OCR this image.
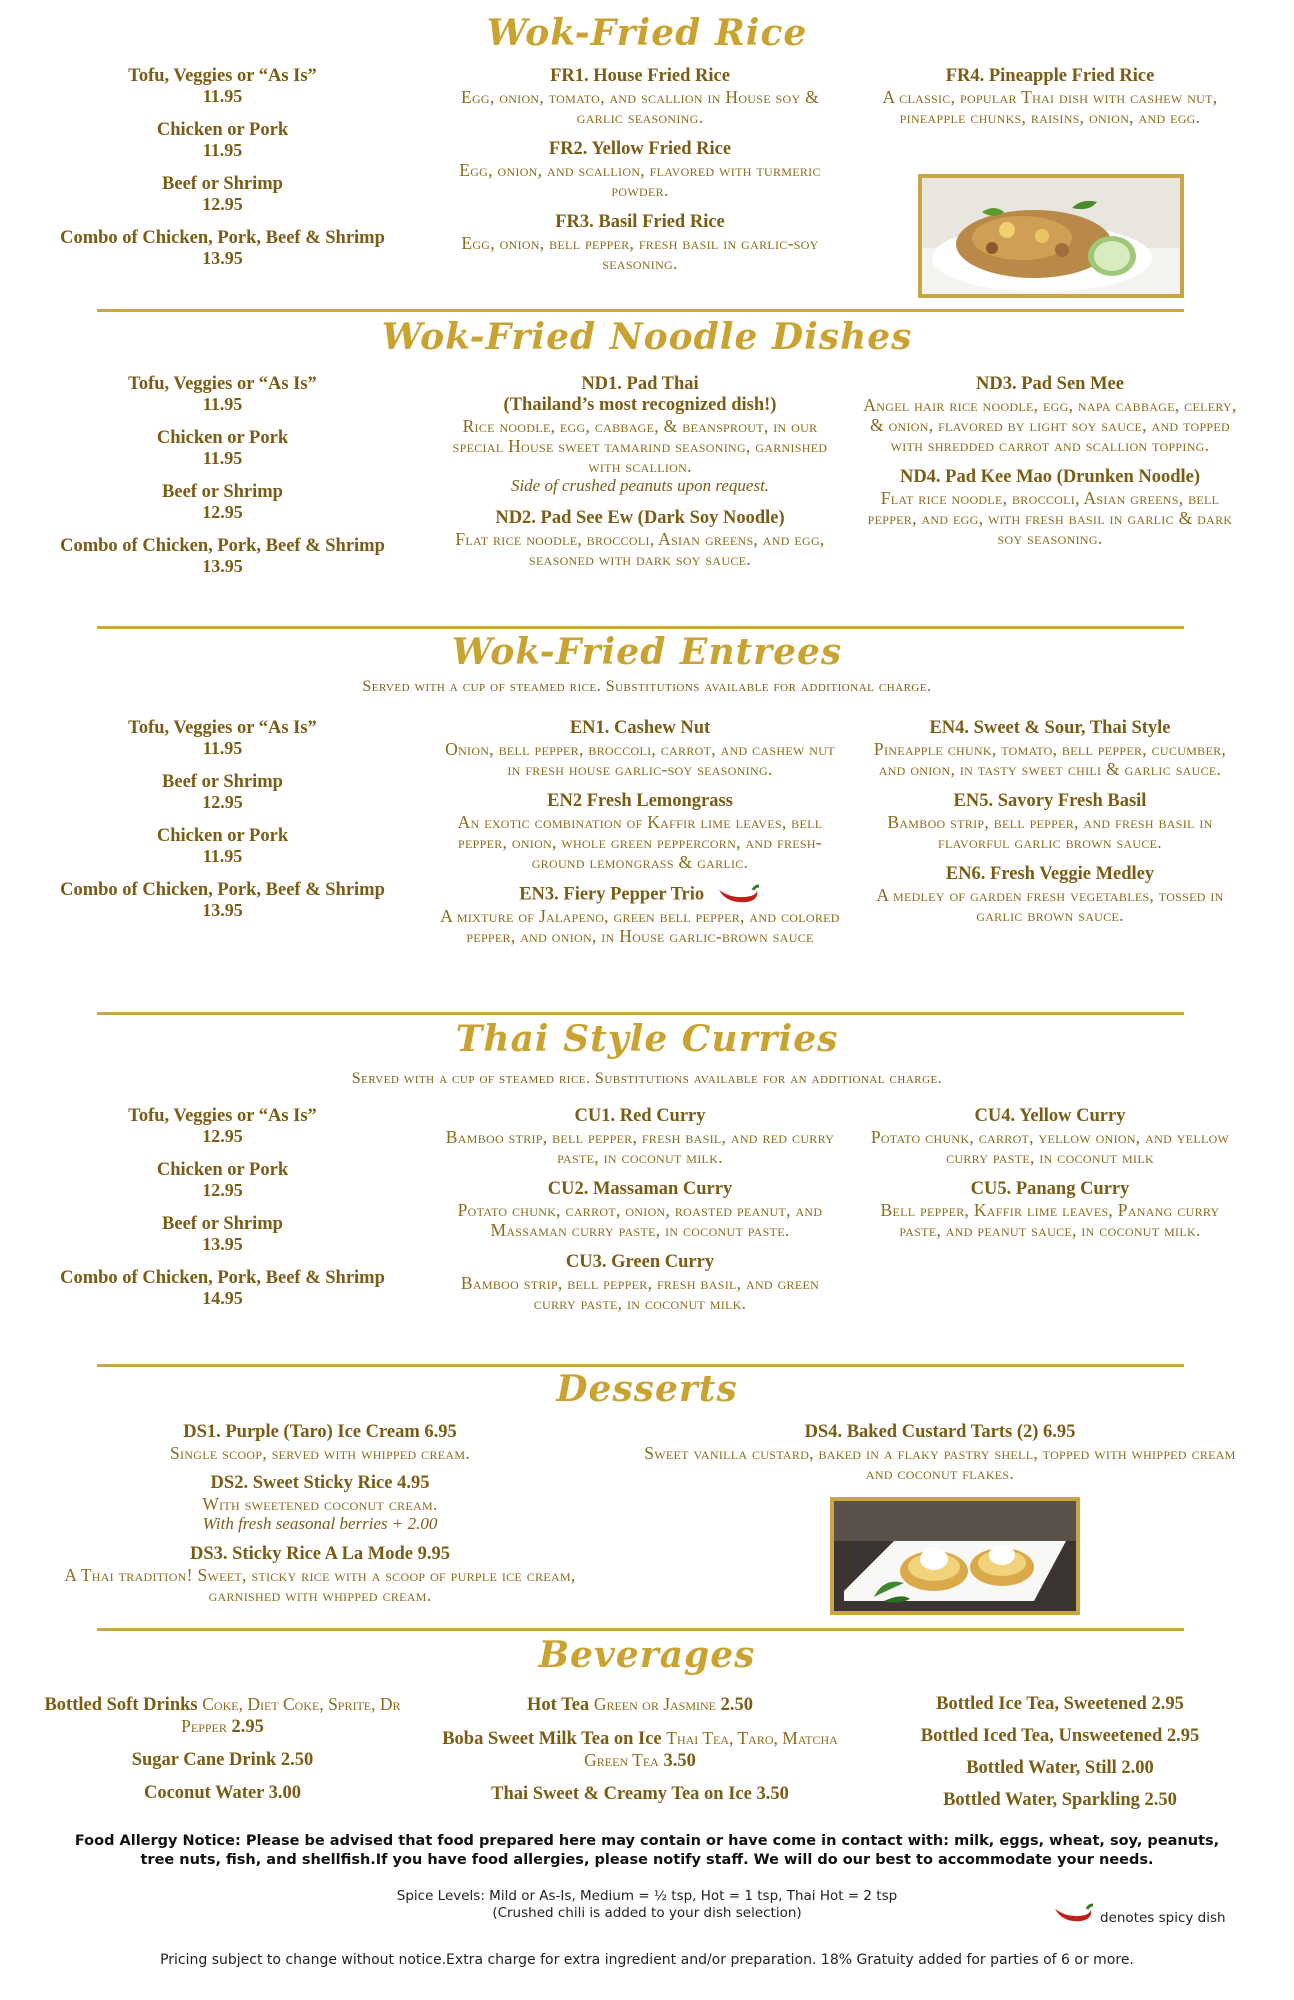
Wok-Fried Rice
Tofu, Veggies or “As Is”
11.95
Chicken or Pork
11.95
Beef or Shrimp
12.95
Combo of Chicken, Pork, Beef & Shrimp
13.95
FR1. House Fried Rice
Egg, onion, tomato, and scallion in House soy & garlic seasoning.
FR2. Yellow Fried Rice
Egg, onion, and scallion, flavored with turmeric powder.
FR3. Basil Fried Rice
Egg, onion, bell pepper, fresh basil in garlic-soy seasoning.
FR4. Pineapple Fried Rice
A classic, popular Thai dish with cashew nut, pineapple chunks, raisins, onion, and egg.
Wok-Fried Noodle Dishes
Tofu, Veggies or “As Is”
11.95
Chicken or Pork
11.95
Beef or Shrimp
12.95
Combo of Chicken, Pork, Beef & Shrimp
13.95
ND1. Pad Thai
(Thailand’s most recognized dish!)
Rice noodle, egg, cabbage, & beansprout, in our special House sweet tamarind seasoning, garnished with scallion.
Side of crushed peanuts upon request.
ND2. Pad See Ew (Dark Soy Noodle)
Flat rice noodle, broccoli, Asian greens, and egg, seasoned with dark soy sauce.
ND3. Pad Sen Mee
Angel hair rice noodle, egg, napa cabbage, celery, & onion, flavored by light soy sauce, and topped with shredded carrot and scallion topping.
ND4. Pad Kee Mao (Drunken Noodle)
Flat rice noodle, broccoli, Asian greens, bell pepper, and egg, with fresh basil in garlic & dark soy seasoning.
Wok-Fried Entrees
Served with a cup of steamed rice. Substitutions available for additional charge.
Tofu, Veggies or “As Is”
11.95
Beef or Shrimp
12.95
Chicken or Pork
11.95
Combo of Chicken, Pork, Beef & Shrimp
13.95
EN1. Cashew Nut
Onion, bell pepper, broccoli, carrot, and cashew nut in fresh house garlic-soy seasoning.
EN2 Fresh Lemongrass
An exotic combination of Kaffir lime leaves, bell pepper, onion, whole green peppercorn, and fresh-ground lemongrass & garlic.
EN3. Fiery Pepper Trio
A mixture of Jalapeno, green bell pepper, and colored pepper, and onion, in House garlic-brown sauce
EN4. Sweet & Sour, Thai Style
Pineapple chunk, tomato, bell pepper, cucumber, and onion, in tasty sweet chili & garlic sauce.
EN5. Savory Fresh Basil
Bamboo strip, bell pepper, and fresh basil in flavorful garlic brown sauce.
EN6. Fresh Veggie Medley
A medley of garden fresh vegetables, tossed in garlic brown sauce.
Thai Style Curries
Served with a cup of steamed rice. Substitutions available for an additional charge.
Tofu, Veggies or “As Is”
12.95
Chicken or Pork
12.95
Beef or Shrimp
13.95
Combo of Chicken, Pork, Beef & Shrimp
14.95
CU1. Red Curry
Bamboo strip, bell pepper, fresh basil, and red curry paste, in coconut milk.
CU2. Massaman Curry
Potato chunk, carrot, onion, roasted peanut, and Massaman curry paste, in coconut paste.
CU3. Green Curry
Bamboo strip, bell pepper, fresh basil, and green curry paste, in coconut milk.
CU4. Yellow Curry
Potato chunk, carrot, yellow onion, and yellow curry paste, in coconut milk
CU5. Panang Curry
Bell pepper, Kaffir lime leaves, Panang curry paste, and peanut sauce, in coconut milk.
Desserts
DS1. Purple (Taro) Ice Cream 6.95
Single scoop, served with whipped cream.
DS2. Sweet Sticky Rice 4.95
With sweetened coconut cream.
With fresh seasonal berries + 2.00
DS3. Sticky Rice A La Mode 9.95
A Thai tradition! Sweet, sticky rice with a scoop of purple ice cream, garnished with whipped cream.
DS4. Baked Custard Tarts (2) 6.95
Sweet vanilla custard, baked in a flaky pastry shell, topped with whipped cream and coconut flakes.
Beverages
Bottled Soft Drinks Coke, Diet Coke, Sprite, Dr Pepper 2.95
Sugar Cane Drink 2.50
Coconut Water 3.00
Hot Tea Green or Jasmine 2.50
Boba Sweet Milk Tea on Ice Thai Tea, Taro, Matcha Green Tea 3.50
Thai Sweet & Creamy Tea on Ice 3.50
Bottled Ice Tea, Sweetened 2.95
Bottled Iced Tea, Unsweetened 2.95
Bottled Water, Still 2.00
Bottled Water, Sparkling 2.50
Food Allergy Notice: Please be advised that food prepared here may contain or have come in contact with: milk, eggs, wheat, soy, peanuts, tree nuts, fish, and shellfish.If you have food allergies, please notify staff. We will do our best to accommodate your needs.
Spice Levels: Mild or As-Is, Medium = ½ tsp, Hot = 1 tsp, Thai Hot = 2 tsp
(Crushed chili is added to your dish selection)	denotes spicy dish
Pricing subject to change without notice.Extra charge for extra ingredient and/or preparation. 18% Gratuity added for parties of 6 or more.
